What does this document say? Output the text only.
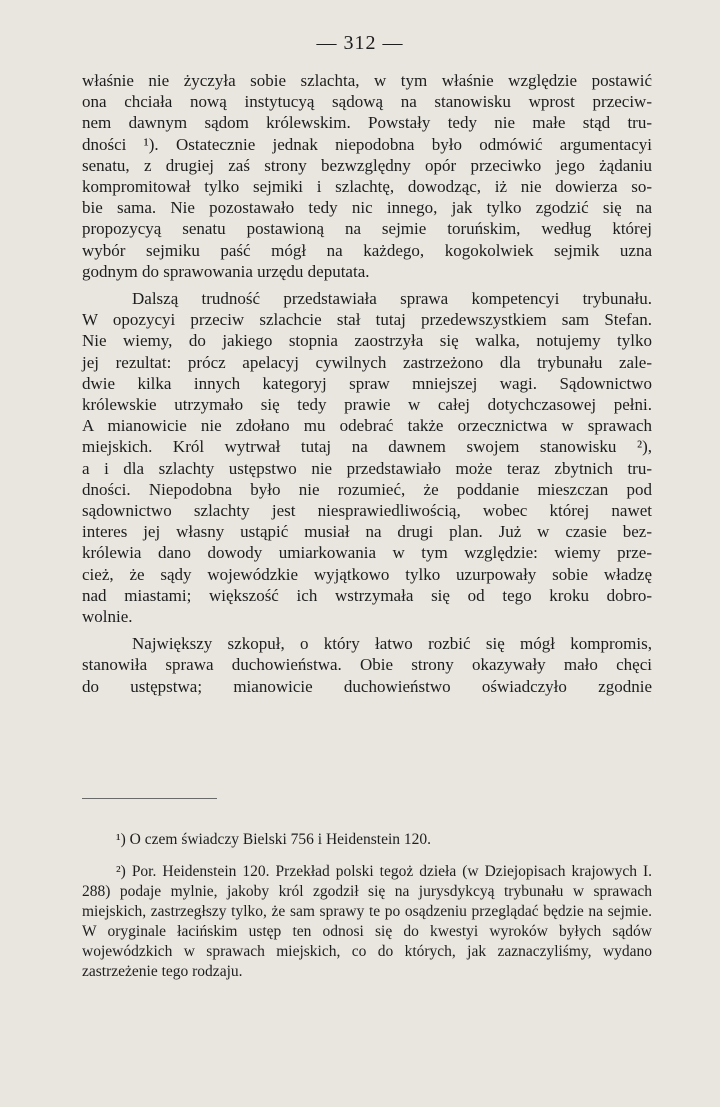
— 312 —

właśnie nie życzyła sobie szlachta, w tym właśnie względzie postawić
ona chciała nową instytucyą sądową na stanowisku wprost przeciw-
nem dawnym sądom królewskim. Powstały tedy nie małe stąd tru-
dności ¹). Ostatecznie jednak niepodobna było odmówić argumentacyi
senatu, z drugiej zaś strony bezwzględny opór przeciwko jego żądaniu
kompromitował tylko sejmiki i szlachtę, dowodząc, iż nie dowierza so-
bie sama. Nie pozostawało tedy nic innego, jak tylko zgodzić się na
propozycyą senatu postawioną na sejmie toruńskim, według której
wybór sejmiku paść mógł na każdego, kogokolwiek sejmik uzna
godnym do sprawowania urzędu deputata.

Dalszą trudność przedstawiała sprawa kompetencyi trybunału.
W opozycyi przeciw szlachcie stał tutaj przedewszystkiem sam Stefan.
Nie wiemy, do jakiego stopnia zaostrzyła się walka, notujemy tylko
jej rezultat: prócz apelacyj cywilnych zastrzeżono dla trybunału zale-
dwie kilka innych kategoryj spraw mniejszej wagi. Sądownictwo
królewskie utrzymało się tedy prawie w całej dotychczasowej pełni.
A mianowicie nie zdołano mu odebrać także orzecznictwa w sprawach
miejskich. Król wytrwał tutaj na dawnem swojem stanowisku ²),
a i dla szlachty ustępstwo nie przedstawiało może teraz zbytnich tru-
dności. Niepodobna było nie rozumieć, że poddanie mieszczan pod
sądownictwo szlachty jest niesprawiedliwością, wobec której nawet
interes jej własny ustąpić musiał na drugi plan. Już w czasie bez-
królewia dano dowody umiarkowania w tym względzie: wiemy prze-
cież, że sądy wojewódzkie wyjątkowo tylko uzurpowały sobie władzę
nad miastami; większość ich wstrzymała się od tego kroku dobro-
wolnie.

Największy szkopuł, o który łatwo rozbić się mógł kompromis,
stanowiła sprawa duchowieństwa. Obie strony okazywały mało chęci
do ustępstwa; mianowicie duchowieństwo oświadczyło zgodnie

¹) O czem świadczy Bielski 756 i Heidenstein 120.

²) Por. Heidenstein 120. Przekład polski tegoż dzieła (w Dziejopisach krajowych I. 288) podaje mylnie, jakoby król zgodził się na jurysdykcyą trybunału w sprawach miejskich, zastrzegłszy tylko, że sam sprawy te po osądzeniu przeglądać będzie na sejmie. W oryginale łacińskim ustęp ten odnosi się do kwestyi wyroków byłych sądów wojewódzkich w sprawach miejskich, co do których, jak zaznaczyliśmy, wydano zastrzeżenie tego rodzaju.
